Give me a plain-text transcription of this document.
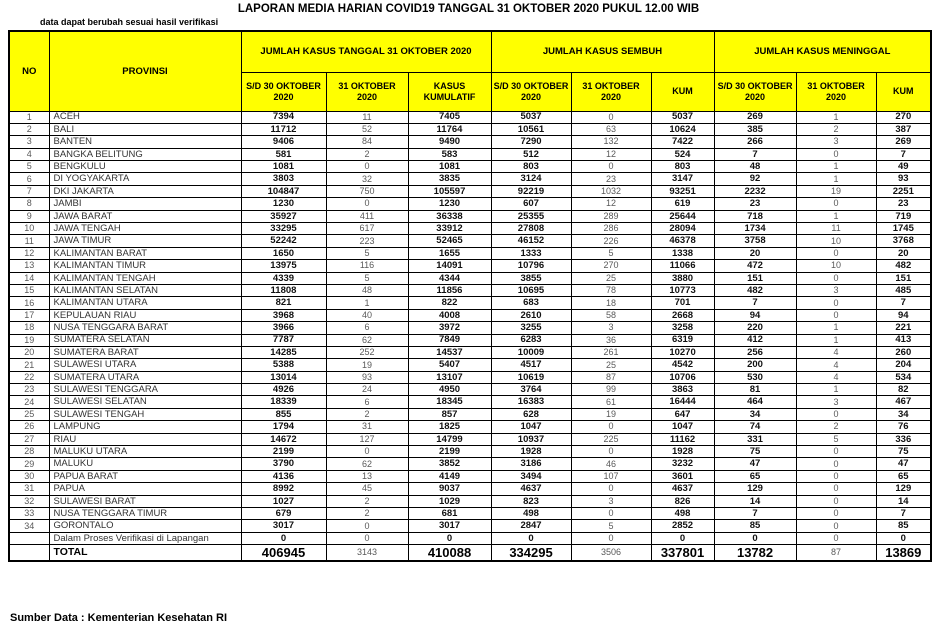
LAPORAN MEDIA HARIAN COVID19 TANGGAL 31 OKTOBER 2020 PUKUL 12.00 WIB
data dapat berubah sesuai hasil verifikasi
NO	PROVINSI	JUMLAH KASUS TANGGAL 31 OKTOBER 2020			JUMLAH KASUS SEMBUH			JUMLAH KASUS MENINGGAL		
		S/D 30 OKTOBER 2020	31 OKTOBER 2020	KASUS KUMULATIF	S/D 30 OKTOBER 2020	31 OKTOBER 2020	KUM	S/D 30 OKTOBER 2020	31 OKTOBER 2020	KUM
1	ACEH	7394	11	7405	5037	0	5037	269	1	270
2	BALI	11712	52	11764	10561	63	10624	385	2	387
3	BANTEN	9406	84	9490	7290	132	7422	266	3	269
4	BANGKA BELITUNG	581	2	583	512	12	524	7	0	7
5	BENGKULU	1081	0	1081	803	0	803	48	1	49
6	DI YOGYAKARTA	3803	32	3835	3124	23	3147	92	1	93
7	DKI JAKARTA	104847	750	105597	92219	1032	93251	2232	19	2251
8	JAMBI	1230	0	1230	607	12	619	23	0	23
9	JAWA BARAT	35927	411	36338	25355	289	25644	718	1	719
10	JAWA TENGAH	33295	617	33912	27808	286	28094	1734	11	1745
11	JAWA TIMUR	52242	223	52465	46152	226	46378	3758	10	3768
12	KALIMANTAN BARAT	1650	5	1655	1333	5	1338	20	0	20
13	KALIMANTAN TIMUR	13975	116	14091	10796	270	11066	472	10	482
14	KALIMANTAN TENGAH	4339	5	4344	3855	25	3880	151	0	151
15	KALIMANTAN SELATAN	11808	48	11856	10695	78	10773	482	3	485
16	KALIMANTAN UTARA	821	1	822	683	18	701	7	0	7
17	KEPULAUAN RIAU	3968	40	4008	2610	58	2668	94	0	94
18	NUSA TENGGARA BARAT	3966	6	3972	3255	3	3258	220	1	221
19	SUMATERA SELATAN	7787	62	7849	6283	36	6319	412	1	413
20	SUMATERA BARAT	14285	252	14537	10009	261	10270	256	4	260
21	SULAWESI UTARA	5388	19	5407	4517	25	4542	200	4	204
22	SUMATERA UTARA	13014	93	13107	10619	87	10706	530	4	534
23	SULAWESI TENGGARA	4926	24	4950	3764	99	3863	81	1	82
24	SULAWESI SELATAN	18339	6	18345	16383	61	16444	464	3	467
25	SULAWESI TENGAH	855	2	857	628	19	647	34	0	34
26	LAMPUNG	1794	31	1825	1047	0	1047	74	2	76
27	RIAU	14672	127	14799	10937	225	11162	331	5	336
28	MALUKU UTARA	2199	0	2199	1928	0	1928	75	0	75
29	MALUKU	3790	62	3852	3186	46	3232	47	0	47
30	PAPUA BARAT	4136	13	4149	3494	107	3601	65	0	65
31	PAPUA	8992	45	9037	4637	0	4637	129	0	129
32	SULAWESI BARAT	1027	2	1029	823	3	826	14	0	14
33	NUSA TENGGARA TIMUR	679	2	681	498	0	498	7	0	7
34	GORONTALO	3017	0	3017	2847	5	2852	85	0	85
	Dalam Proses Verifikasi di Lapangan	0	0	0	0	0	0	0	0	0
	TOTAL	406945	3143	410088	334295	3506	337801	13782	87	13869
Sumber Data : Kementerian Kesehatan RI
